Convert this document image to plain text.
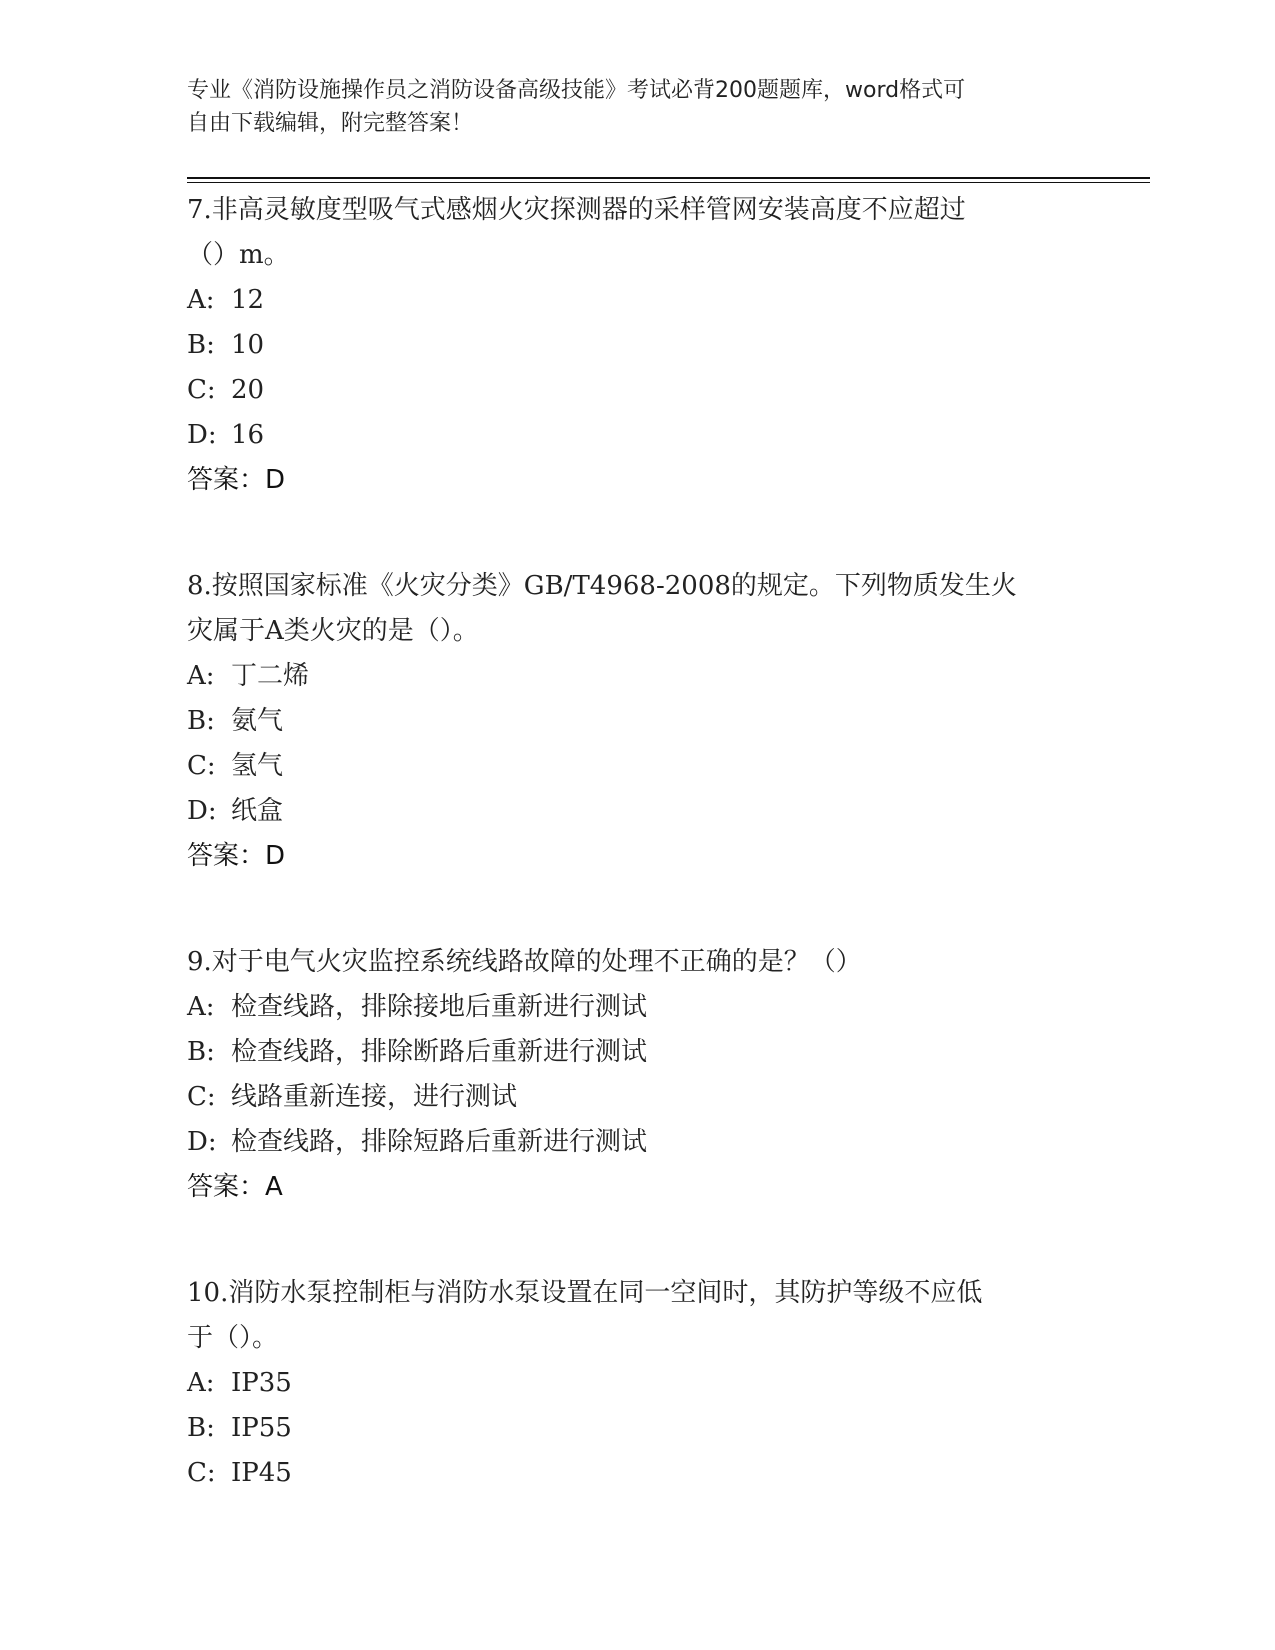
专业《消防设施操作员之消防设备高级技能》考试必背200题题库，word格式可
自由下载编辑，附完整答案！
7.非高灵敏度型吸气式感烟火灾探测器的采样管网安装高度不应超过
（）m。
A: 12
B: 10
C: 20
D: 16
答案：D
8.按照国家标准《火灾分类》GB/T4968-2008的规定。下列物质发生火
灾属于A类火灾的是（）。
A: 丁二烯
B: 氨气
C: 氢气
D: 纸盒
答案：D
9.对于电气火灾监控系统线路故障的处理不正确的是？（）
A: 检查线路，排除接地后重新进行测试
B: 检查线路，排除断路后重新进行测试
C: 线路重新连接，进行测试
D: 检查线路，排除短路后重新进行测试
答案：A
10.消防水泵控制柜与消防水泵设置在同一空间时，其防护等级不应低
于（）。
A: IP35
B: IP55
C: IP45
